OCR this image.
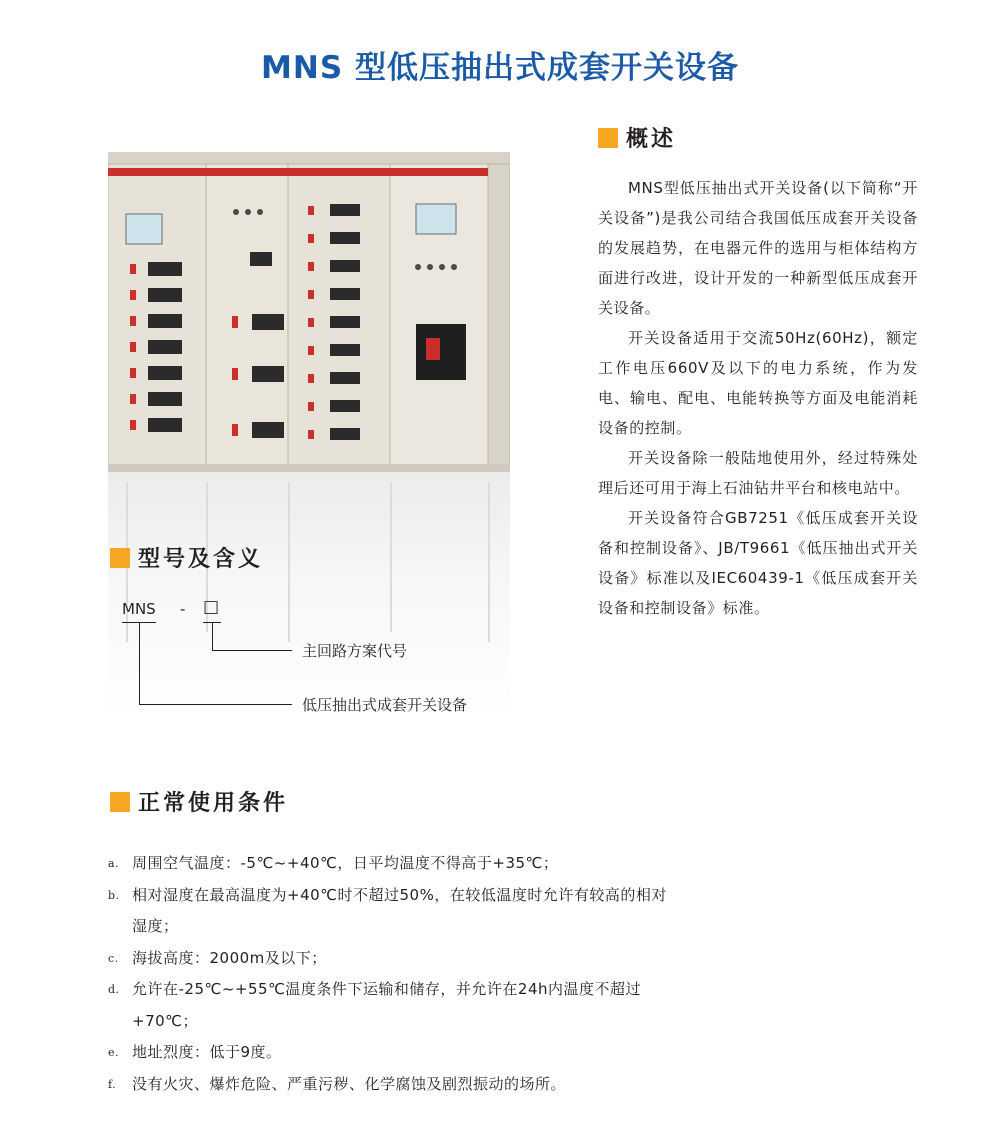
MNS 型低压抽出式成套开关设备
概述

MNS型低压抽出式开关设备(以下简称“开关设备”)是我公司结合我国低压成套开关设备的发展趋势，在电器元件的选用与柜体结构方面进行改进，设计开发的一种新型低压成套开关设备。

开关设备适用于交流50Hz(60Hz)，额定工作电压660V及以下的电力系统，作为发电、输电、配电、电能转换等方面及电能消耗设备的控制。

开关设备除一般陆地使用外，经过特殊处理后还可用于海上石油钻井平台和核电站中。

开关设备符合GB7251《低压成套开关设备和控制设备》、JB/T9661《低压抽出式开关设备》标准以及IEC60439-1《低压成套开关设备和控制设备》标准。

型号及含义
MNS - □
主回路方案代号
低压抽出式成套开关设备
正常使用条件
a. 周围空气温度：-5℃~+40℃，日平均温度不得高于+35℃；
b. 相对湿度在最高温度为+40℃时不超过50%，在较低温度时允许有较高的相对湿度；
c. 海拔高度：2000m及以下；
d. 允许在-25℃~+55℃温度条件下运输和储存，并允许在24h内温度不超过+70℃；
e. 地址烈度：低于9度。
f. 没有火灾、爆炸危险、严重污秽、化学腐蚀及剧烈振动的场所。
